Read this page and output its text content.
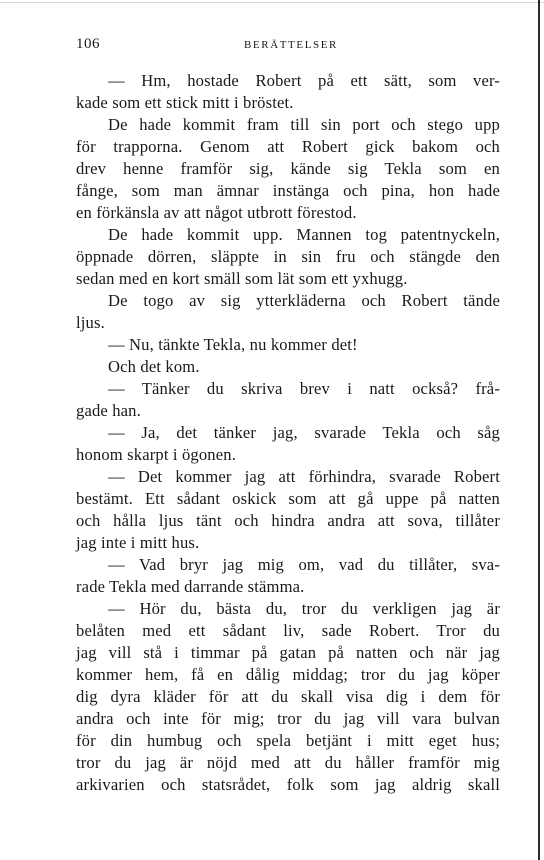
106	BERÄTTELSER
— Hm, hostade Robert på ett sätt, som ver-
kade som ett stick mitt i bröstet.
De hade kommit fram till sin port och stego upp
för trapporna. Genom att Robert gick bakom och
drev henne framför sig, kände sig Tekla som en
fånge, som man ämnar instänga och pina, hon hade
en förkänsla av att något utbrott förestod.
De hade kommit upp. Mannen tog patentnyckeln,
öppnade dörren, släppte in sin fru och stängde den
sedan med en kort smäll som lät som ett yxhugg.
De togo av sig ytterkläderna och Robert tände
ljus.
— Nu, tänkte Tekla, nu kommer det!
Och det kom.
— Tänker du skriva brev i natt också? frå-
gade han.
— Ja, det tänker jag, svarade Tekla och såg
honom skarpt i ögonen.
— Det kommer jag att förhindra, svarade Robert
bestämt. Ett sådant oskick som att gå uppe på natten
och hålla ljus tänt och hindra andra att sova, tillåter
jag inte i mitt hus.
— Vad bryr jag mig om, vad du tillåter, sva-
rade Tekla med darrande stämma.
— Hör du, bästa du, tror du verkligen jag är
belåten med ett sådant liv, sade Robert. Tror du
jag vill stå i timmar på gatan på natten och när jag
kommer hem, få en dålig middag; tror du jag köper
dig dyra kläder för att du skall visa dig i dem för
andra och inte för mig; tror du jag vill vara bulvan
för din humbug och spela betjänt i mitt eget hus;
tror du jag är nöjd med att du håller framför mig
arkivarien och statsrådet, folk som jag aldrig skall
